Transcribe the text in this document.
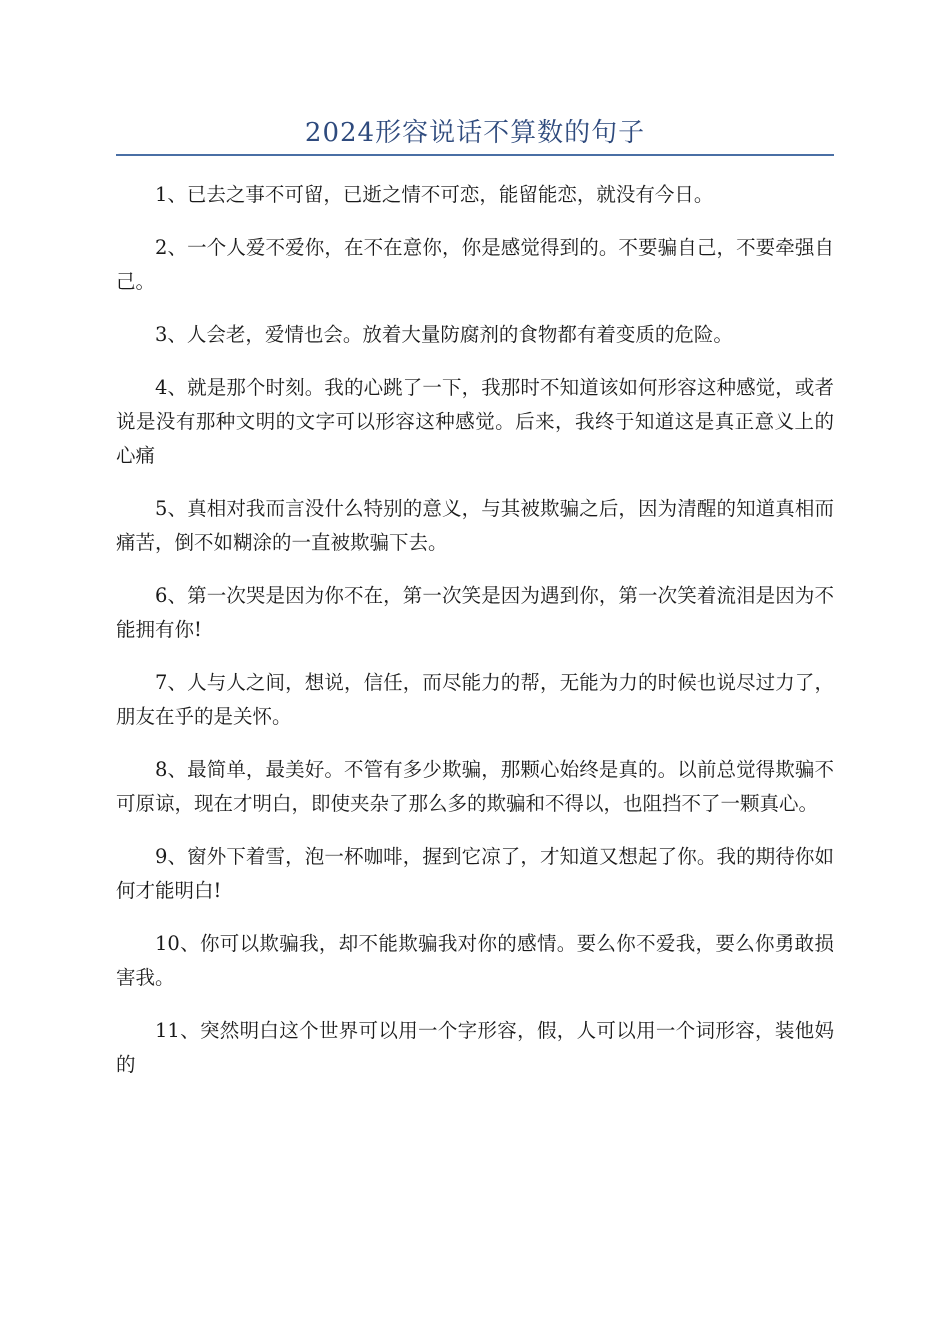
2024形容说话不算数的句子

1、已去之事不可留，已逝之情不可恋，能留能恋，就没有今日。

2、一个人爱不爱你，在不在意你，你是感觉得到的。不要骗自己，不要牵强自己。

3、人会老，爱情也会。放着大量防腐剂的食物都有着变质的危险。

4、就是那个时刻。我的心跳了一下，我那时不知道该如何形容这种感觉，或者说是没有那种文明的文字可以形容这种感觉。后来，我终于知道这是真正意义上的心痛

5、真相对我而言没什么特别的意义，与其被欺骗之后，因为清醒的知道真相而痛苦，倒不如糊涂的一直被欺骗下去。

6、第一次哭是因为你不在，第一次笑是因为遇到你，第一次笑着流泪是因为不能拥有你!

7、人与人之间，想说，信任，而尽能力的帮，无能为力的时候也说尽过力了，朋友在乎的是关怀。

8、最简单，最美好。不管有多少欺骗，那颗心始终是真的。以前总觉得欺骗不可原谅，现在才明白，即使夹杂了那么多的欺骗和不得以，也阻挡不了一颗真心。

9、窗外下着雪，泡一杯咖啡，握到它凉了，才知道又想起了你。我的期待你如何才能明白!

10、你可以欺骗我，却不能欺骗我对你的感情。要么你不爱我，要么你勇敢损害我。

11、突然明白这个世界可以用一个字形容，假，人可以用一个词形容，装他妈的
